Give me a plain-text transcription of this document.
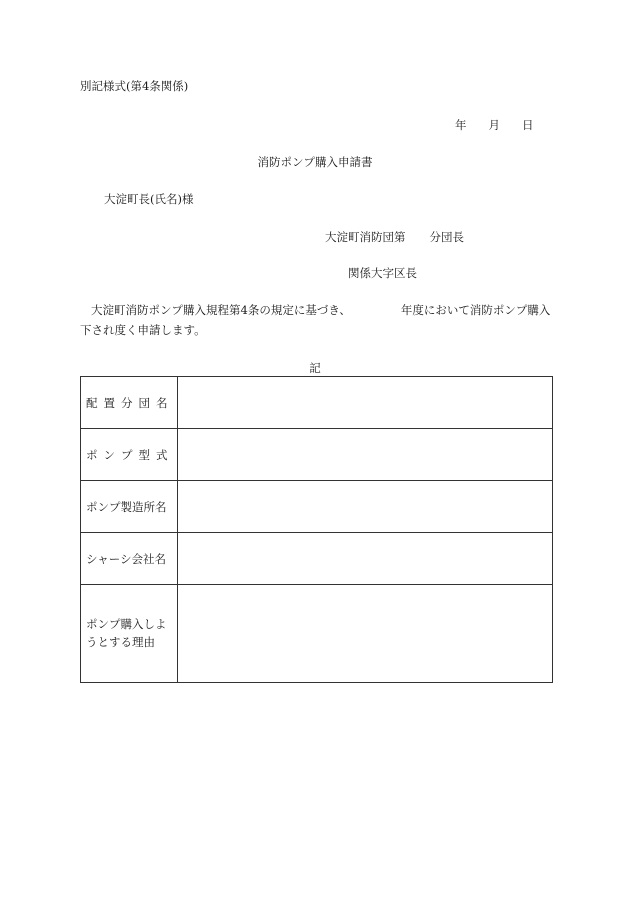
別記様式(第4条関係)
年 月 日
消防ポンプ購入申請書
大淀町長(氏名)様
大淀町消防団第 分団長
関係大字区長
大淀町消防ポンプ購入規程第4条の規定に基づき、	年度において消防ポンプ購入
下され度く申請します。
記
配置分団名	
ポンプ型式	
ポンプ製造所名	
シャーシ会社名	
ポンプ購入しようとする理由	
